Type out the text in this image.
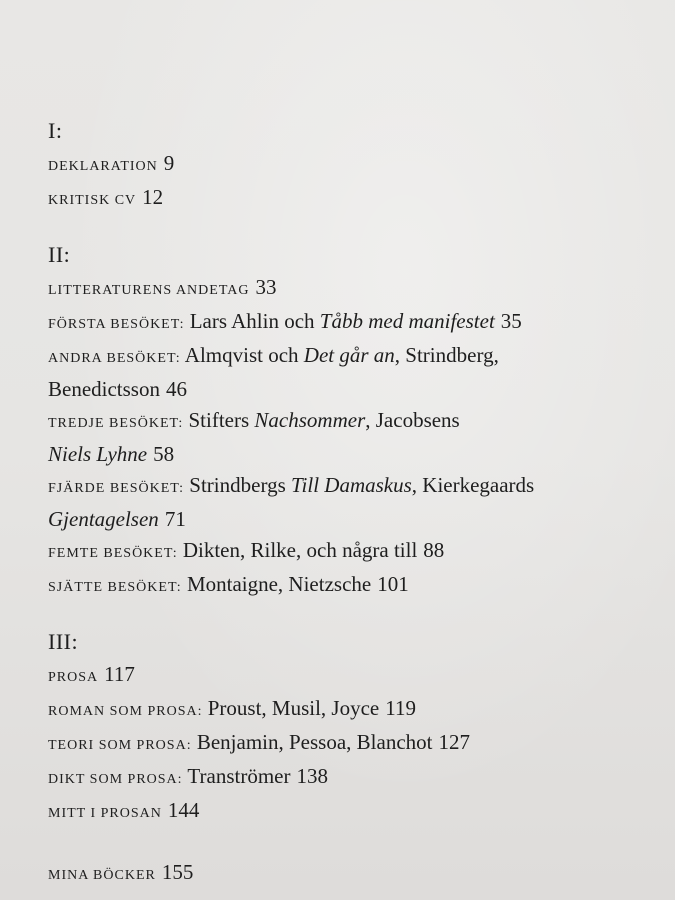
I:
DEKLARATION 9
KRITISK CV 12
II:
LITTERATURENS ANDETAG 33
FÖRSTA BESÖKET: Lars Ahlin och Tåbb med manifestet 35
ANDRA BESÖKET: Almqvist och Det går an, Strindberg,
Benedictsson 46
TREDJE BESÖKET: Stifters Nachsommer, Jacobsens
Niels Lyhne 58
FJÄRDE BESÖKET: Strindbergs Till Damaskus, Kierkegaards
Gjentagelsen 71
FEMTE BESÖKET: Dikten, Rilke, och några till 88
SJÄTTE BESÖKET: Montaigne, Nietzsche 101
III:
PROSA 117
ROMAN SOM PROSA: Proust, Musil, Joyce 119
TEORI SOM PROSA: Benjamin, Pessoa, Blanchot 127
DIKT SOM PROSA: Tranströmer 138
MITT I PROSAN 144
MINA BÖCKER 155
